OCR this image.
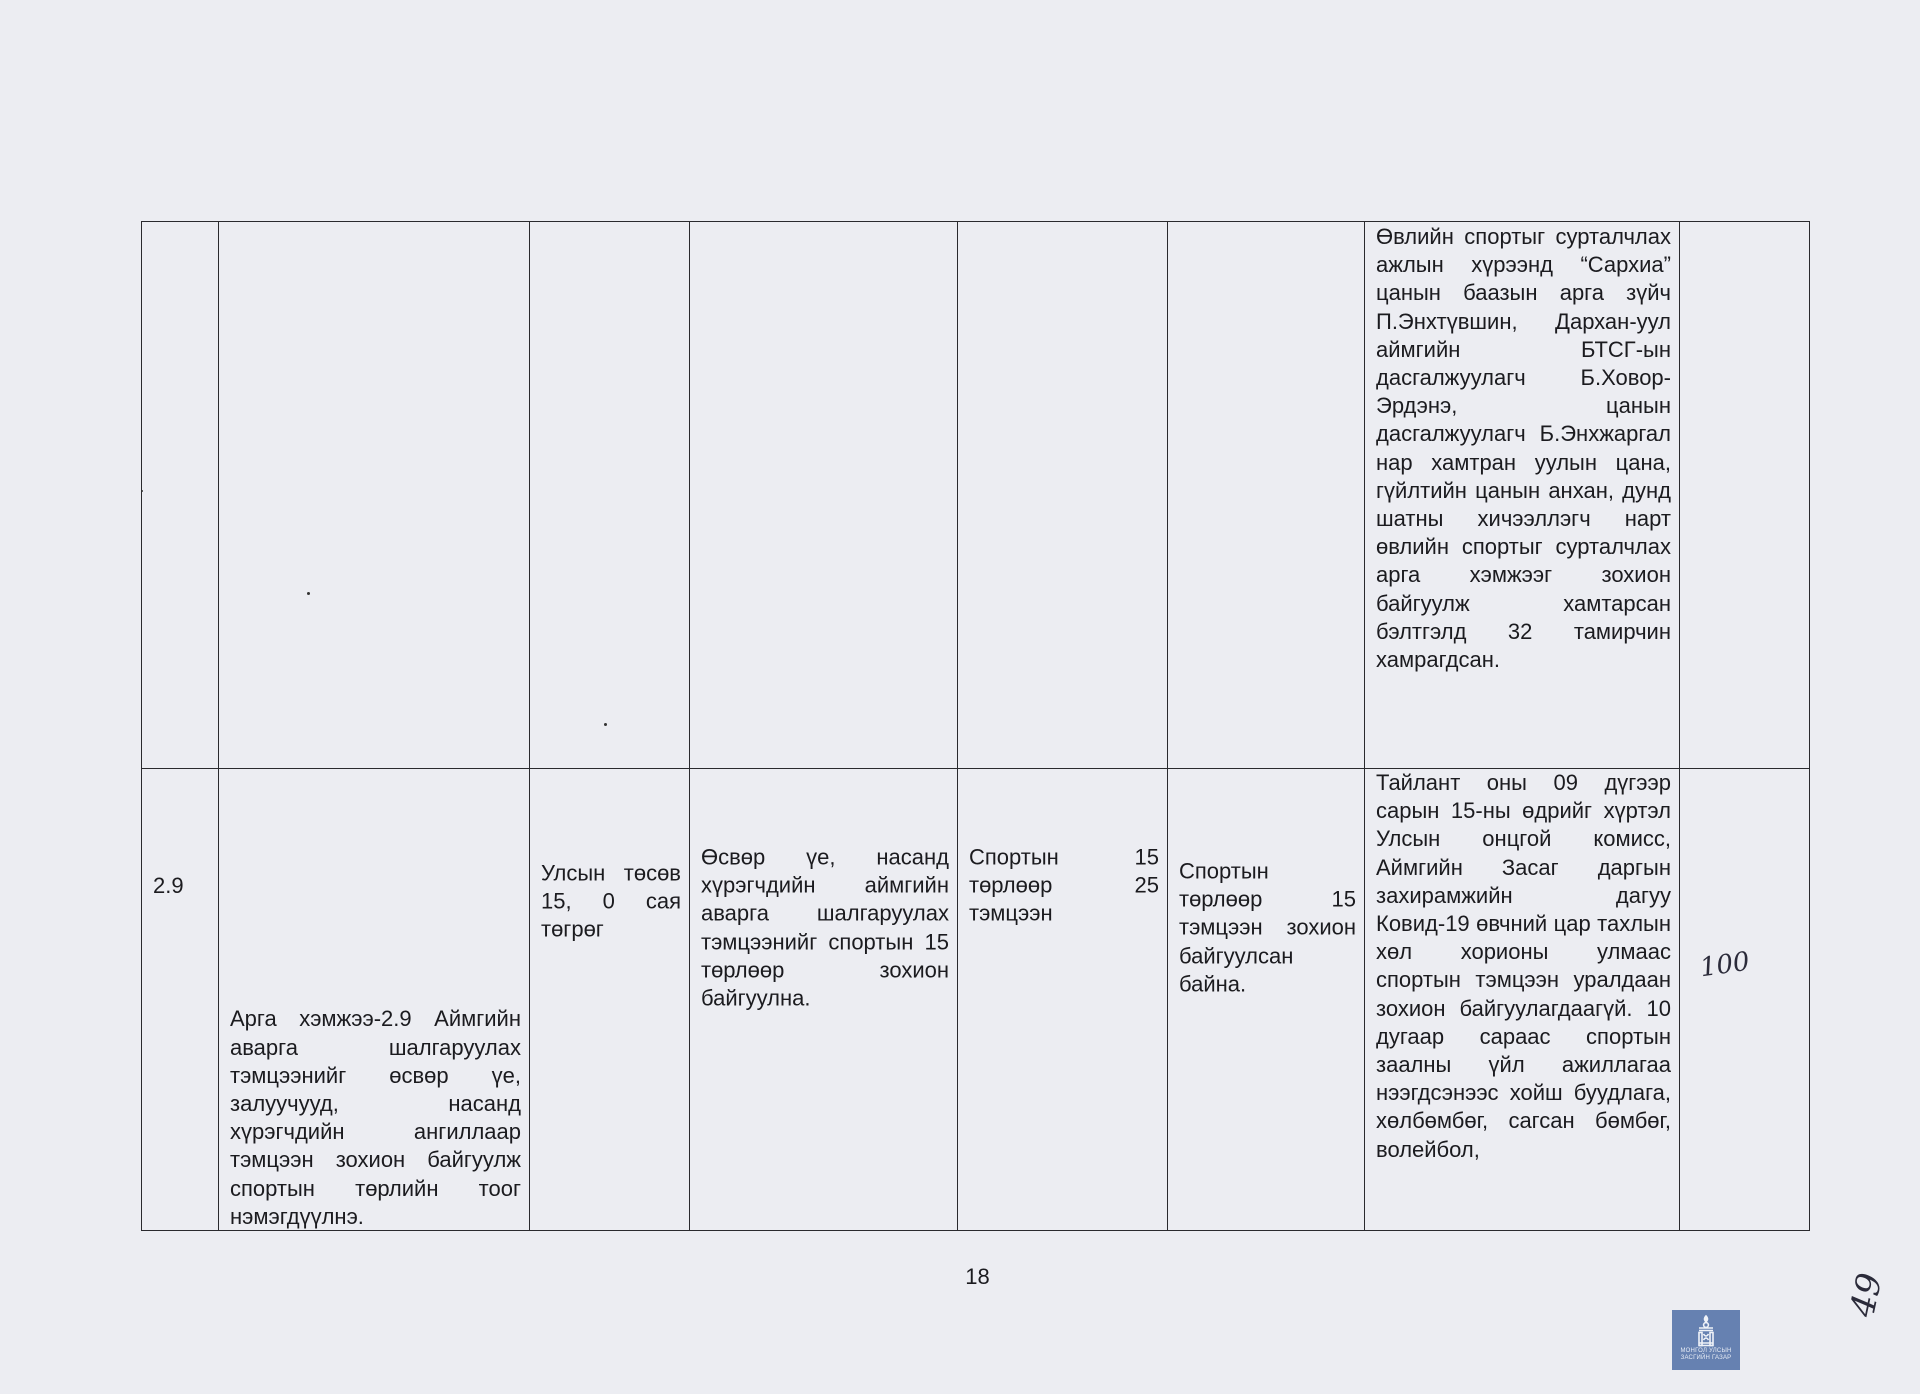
Өвлийн спортыг сурталчлах ажлын хүрээнд “Сархиа” цанын баазын арга зүйч П.Энхтүвшин, Дархан-уул аймгийн БТСГ-ын дасгалжуулагч Б.Ховор-Эрдэнэ, цанын дасгалжуулагч Б.Энхжаргал нар хамтран уулын цана, гүйлтийн цанын анхан, дунд шатны хичээллэгч нарт өвлийн спортыг сурталчлах арга хэмжээг зохион байгуулж хамтарсан бэлтгэлд 32 тамирчин хамрагдсан.
2.9
Арга хэмжээ-2.9 Аймгийн аварга шалгаруулах тэмцээнийг өсвөр үе, залуучууд, насанд хүрэгчдийн ангиллаар тэмцээн зохион байгуулж спортын төрлийн тоог нэмэгдүүлнэ.
Улсын төсөв 15, 0 сая төгрөг
Өсвөр үе, насанд хүрэгчдийн аймгийн аварга шалгаруулах тэмцээнийг спортын 15 төрлөөр зохион байгуулна.
Спортын 15 төрлөөр 25 тэмцээн
Спортын төрлөөр 15 тэмцээн зохион байгуулсан байна.
Тайлант оны 09 дүгээр сарын 15-ны өдрийг хүртэл Улсын онцгой комисс, Аймгийн Засаг даргын захирамжийн дагуу Ковид-19 өвчний цар тахлын хөл хорионы улмаас спортын тэмцээн уралдаан зохион байгуулагдаагүй. 10 дугаар сараас спортын заалны үйл ажиллагаа нээгдсэнээс хойш буудлага, хөлбөмбөг, сагсан бөмбөг, волейбол,
18
100
49
МОНГОЛ УЛСЫН
ЗАСГИЙН ГАЗАР
